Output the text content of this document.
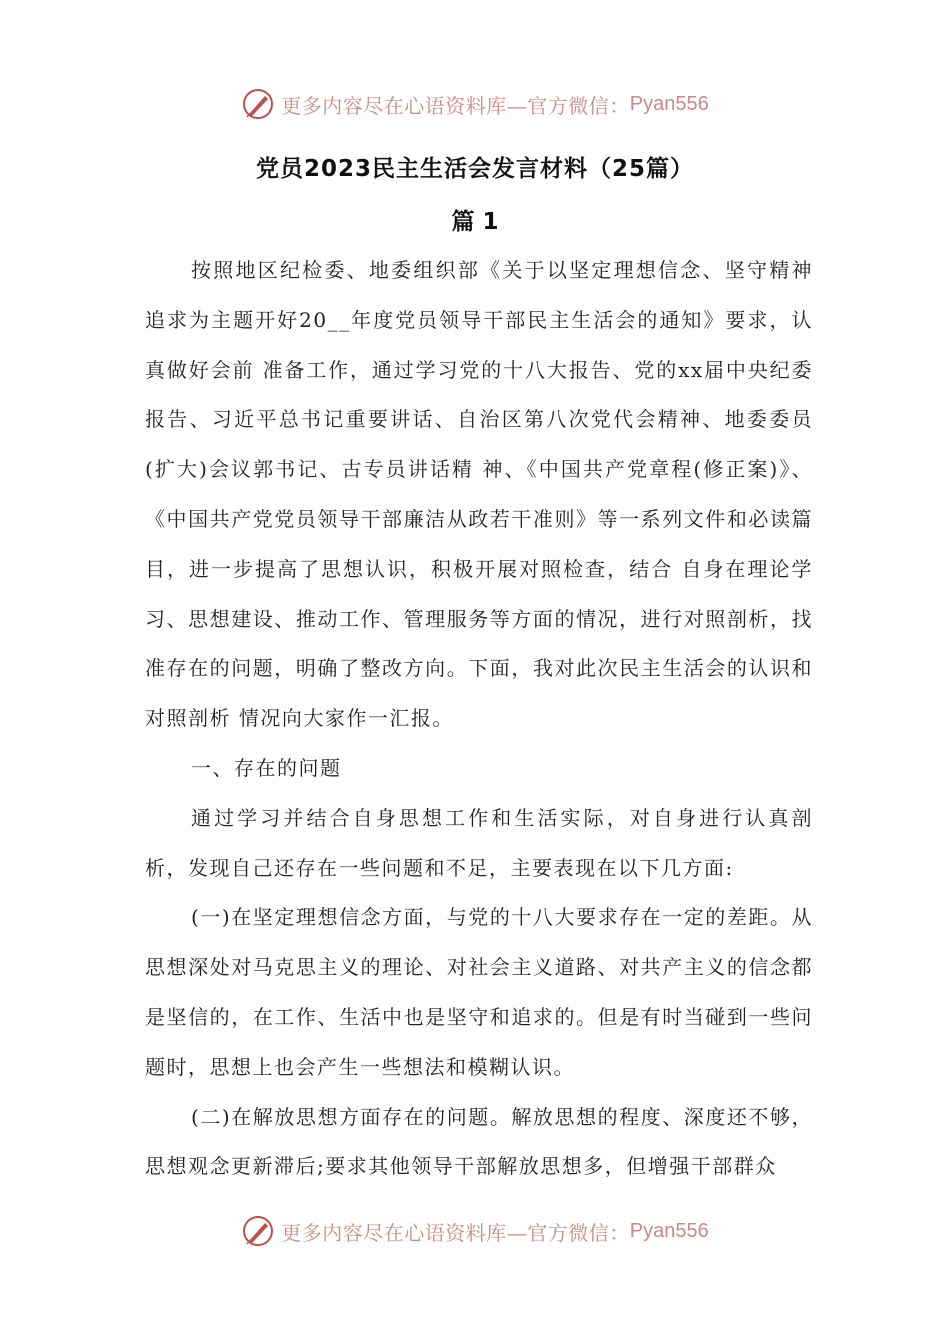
更多内容尽在心语资料库—官方微信： Pyan556
党员2023民主生活会发言材料（25篇）
篇 1

按照地区纪检委、地委组织部《关于以坚定理想信念、坚守精神追求为主题开好20__年度党员领导干部民主生活会的通知》要求，认真做好会前 准备工作，通过学习党的十八大报告、党的xx届中央纪委报告、习近平总书记重要讲话、自治区第八次党代会精神、地委委员(扩大)会议郭书记、古专员讲话精 神、《中国共产党章程(修正案)》、《中国共产党党员领导干部廉洁从政若干准则》等一系列文件和必读篇目，进一步提高了思想认识，积极开展对照检查，结合 自身在理论学习、思想建设、推动工作、管理服务等方面的情况，进行对照剖析，找准存在的问题，明确了整改方向。下面，我对此次民主生活会的认识和对照剖析 情况向大家作一汇报。

一、存在的问题

通过学习并结合自身思想工作和生活实际，对自身进行认真剖析，发现自己还存在一些问题和不足，主要表现在以下几方面:

(一)在坚定理想信念方面，与党的十八大要求存在一定的差距。从思想深处对马克思主义的理论、对社会主义道路、对共产主义的信念都是坚信的，在工作、生活中也是坚守和追求的。但是有时当碰到一些问题时，思想上也会产生一些想法和模糊认识。

(二)在解放思想方面存在的问题。解放思想的程度、深度还不够，思想观念更新滞后;要求其他领导干部解放思想多，但增强干部群众

更多内容尽在心语资料库—官方微信： Pyan556
